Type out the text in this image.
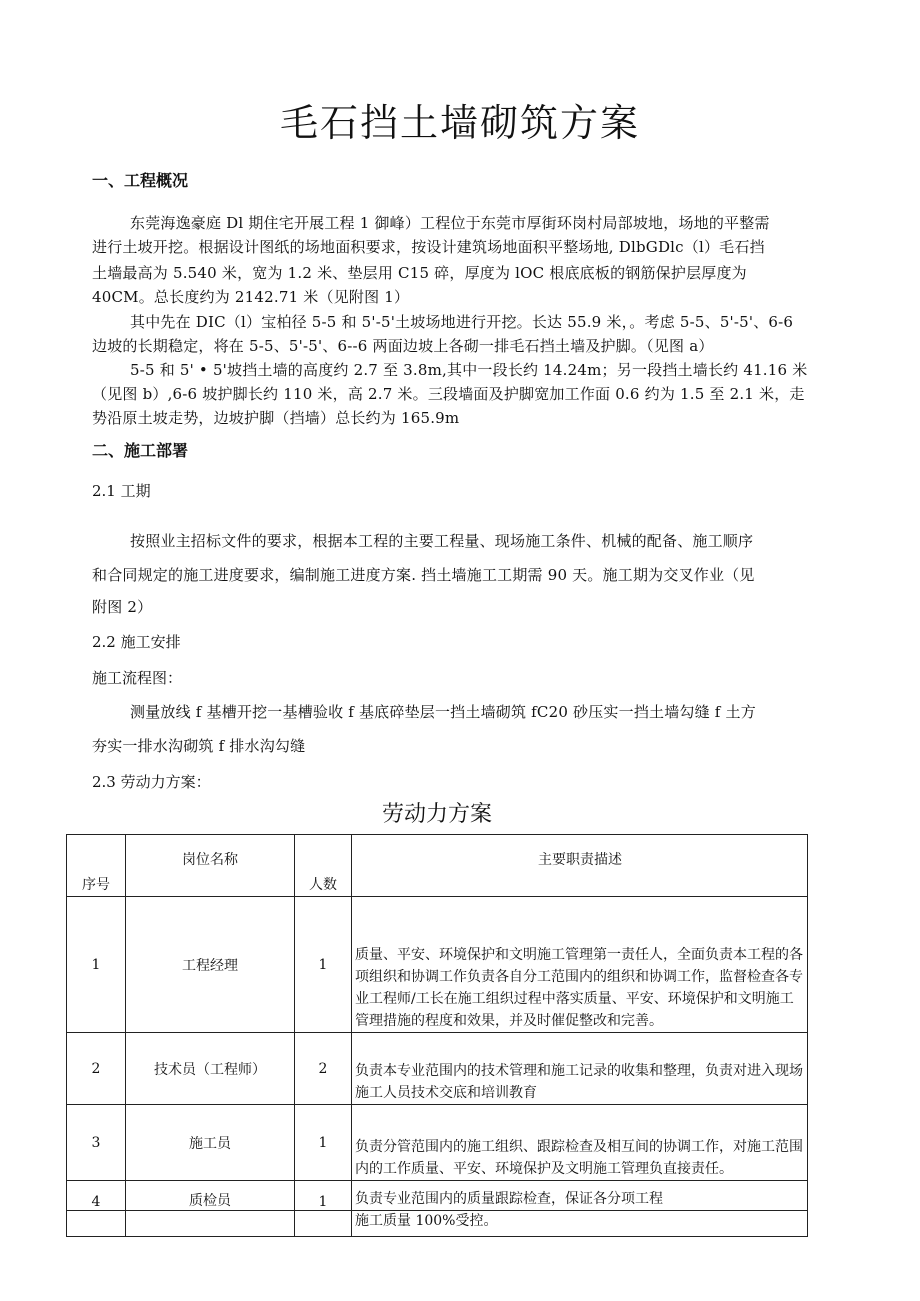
毛石挡土墙砌筑方案
一、工程概况
东莞海逸豪庭 Dl 期住宅开展工程 1 御峰）工程位于东莞市厚街环岗村局部坡地，场地的平整需
进行土坡开挖。根据设计图纸的场地面积要求，按设计建筑场地面积平整场地, DlbGDlc（l）毛石挡
土墙最高为 5.540 米，宽为 1.2 米、垫层用 C15 碎，厚度为 lOC 根底底板的钢筋保护层厚度为
40CM。总长度约为 2142.71 米（见附图 1）
其中先在 DIC（l）宝柏径 5-5 和 5'-5'土坡场地进行开挖。长达 55.9 米，。考虑 5-5、5'-5'、6-6
边坡的长期稳定，将在 5-5、5'-5'、6--6 两面边坡上各砌一排毛石挡土墙及护脚。（见图 a）
5-5 和 5' • 5'坡挡土墙的高度约 2.7 至 3.8m,其中一段长约 14.24m；另一段挡土墙长约 41.16 米
（见图 b）,6-6 坡护脚长约 110 米，高 2.7 米。三段墙面及护脚宽加工作面 0.6 约为 1.5 至 2.1 米，走
势沿原土坡走势，边坡护脚（挡墙）总长约为 165.9m
二、施工部署
2.1 工期
按照业主招标文件的要求，根据本工程的主要工程量、现场施工条件、机械的配备、施工顺序
和合同规定的施工进度要求，编制施工进度方案. 挡土墙施工工期需 90 天。施工期为交叉作业（见
附图 2）
2.2 施工安排
施工流程图：
测量放线 f 基槽开挖一基槽验收 f 基底碎垫层一挡土墙砌筑 fC20 砂压实一挡土墙勾缝 f 土方
夯实一排水沟砌筑 f 排水沟勾缝
2.3 劳动力方案：
劳动力方案
序号	岗位名称	人数	主要职责描述
1	工程经理	1	质量、平安、环境保护和文明施工管理第一责任人，全面负责本工程的各项组织和协调工作负责各自分工范围内的组织和协调工作，监督检查各专业工程师/工长在施工组织过程中落实质量、平安、环境保护和文明施工管理措施的程度和效果，并及时催促整改和完善。

2	技术员（工程师）	2	负责本专业范围内的技术管理和施工记录的收集和整理，负责对进入现场施工人员技术交底和培训教育

3	施工员	1	负责分管范围内的施工组织、跟踪检查及相互间的协调工作，对施工范围内的工作质量、平安、环境保护及文明施工管理负直接责任。

4	质检员	1	负责专业范围内的质量跟踪检查，保证各分项工程

			施工质量 100%受控。
